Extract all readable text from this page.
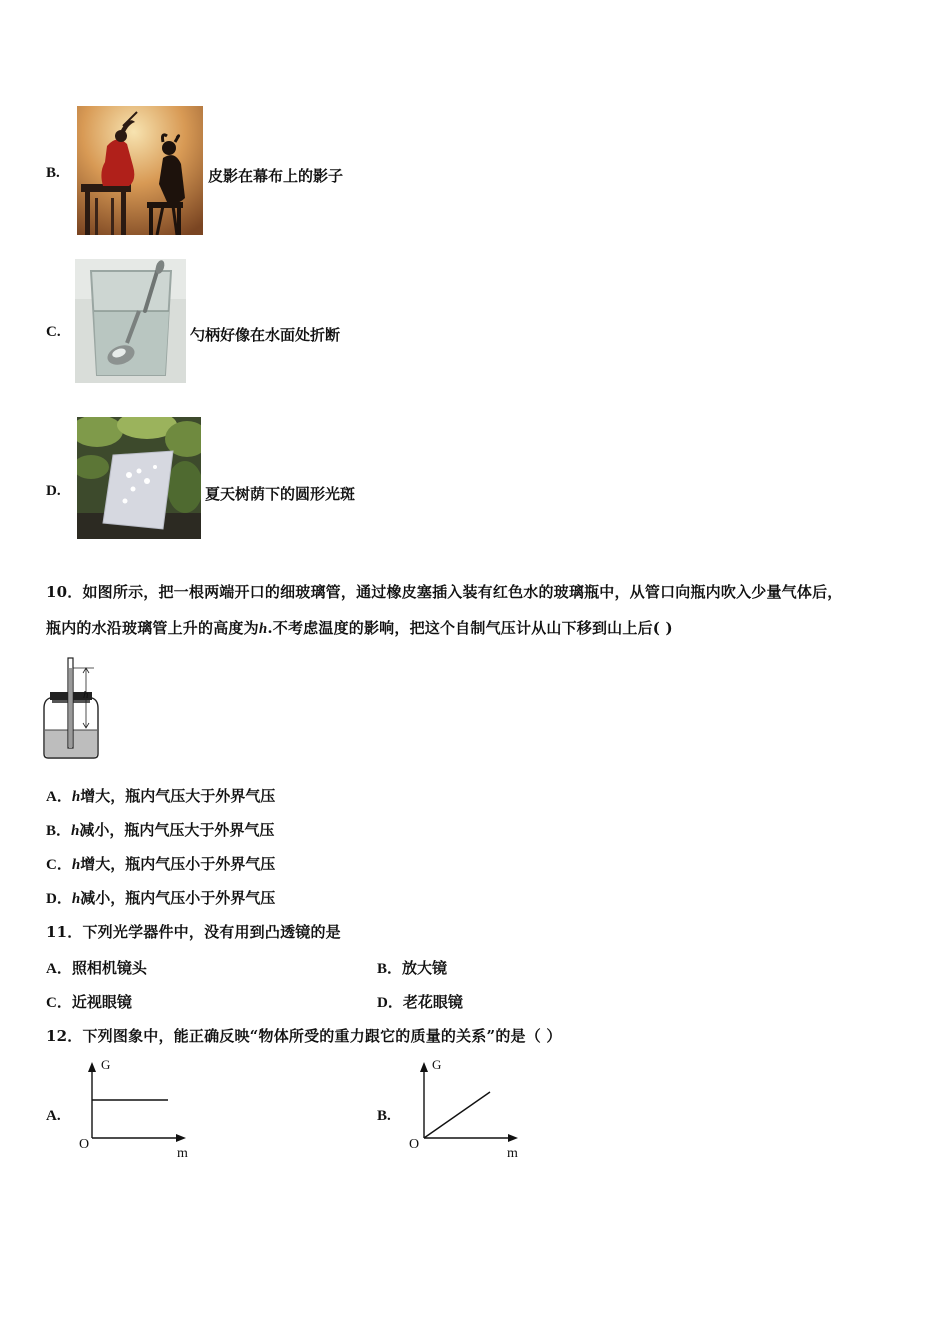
B.	皮影在幕布上的影子
C.	勺柄好像在水面处折断
D.	夏天树荫下的圆形光斑
10．如图所示，把一根两端开口的细玻璃管，通过橡皮塞插入装有红色水的玻璃瓶中，从管口向瓶内吹入少量气体后，
瓶内的水沿玻璃管上升的高度为h.不考虑温度的影响，把这个自制气压计从山下移到山上后( )
h
A．h增大，瓶内气压大于外界气压
B．h减小，瓶内气压大于外界气压
C．h增大，瓶内气压小于外界气压
D．h减小，瓶内气压小于外界气压
11．下列光学器件中，没有用到凸透镜的是
A．照相机镜头	B．放大镜
C．近视眼镜	D．老花眼镜
12．下列图象中，能正确反映“物体所受的重力跟它的质量的关系”的是（ ）
A.
G
O
m
B.
G
O
m
